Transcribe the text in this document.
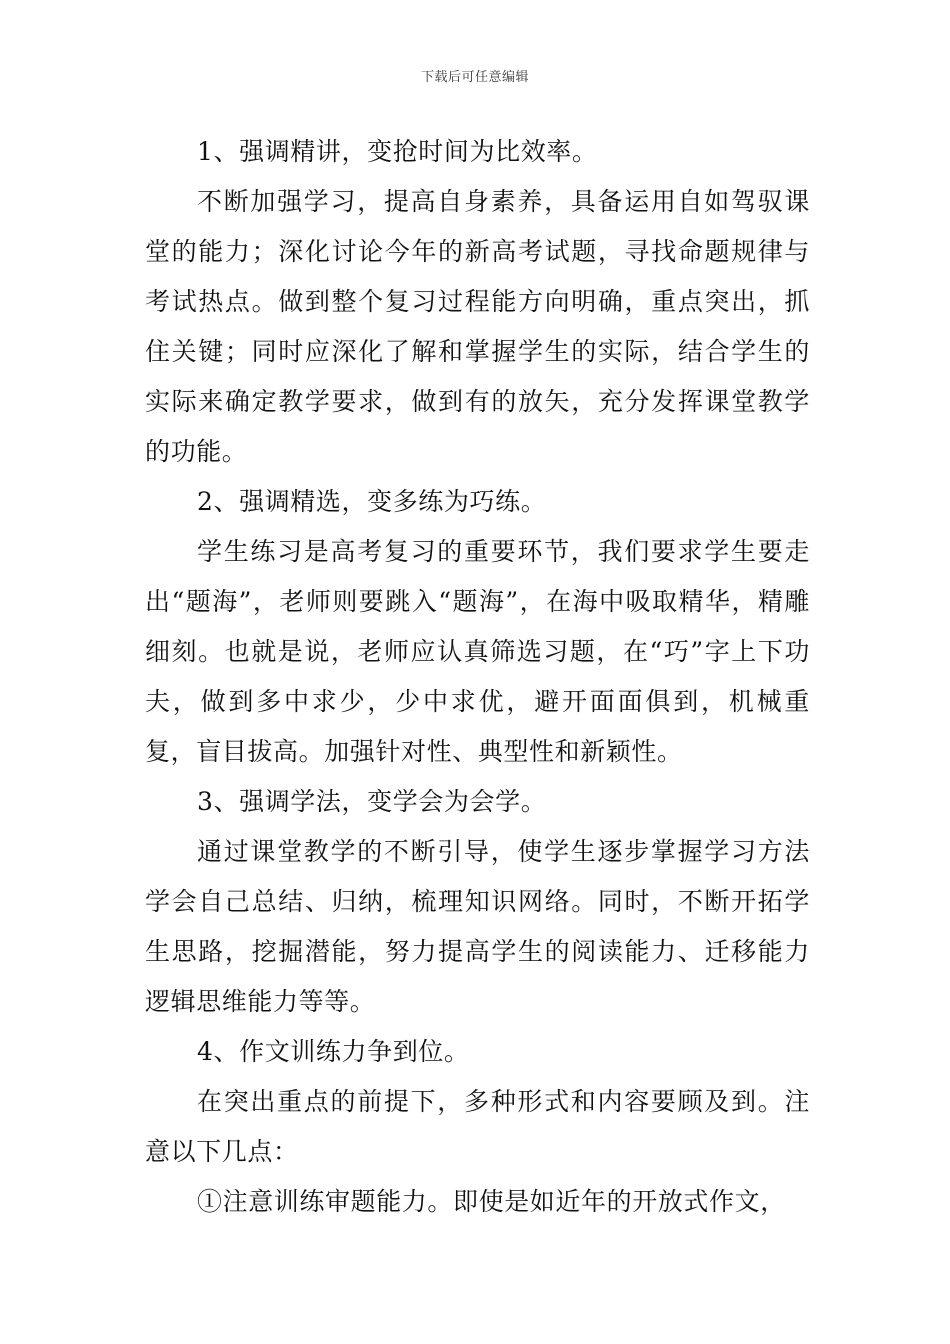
下载后可任意编辑

1、强调精讲，变抢时间为比效率。

不断加强学习，提高自身素养，具备运用自如驾驭课堂的能力；深化讨论今年的新高考试题，寻找命题规律与考试热点。做到整个复习过程能方向明确，重点突出，抓住关键；同时应深化了解和掌握学生的实际，结合学生的实际来确定教学要求，做到有的放矢，充分发挥课堂教学的功能。

2、强调精选，变多练为巧练。

学生练习是高考复习的重要环节，我们要求学生要走出“题海”，老师则要跳入“题海”，在海中吸取精华，精雕细刻。也就是说，老师应认真筛选习题，在“巧”字上下功夫，做到多中求少，少中求优，避开面面俱到，机械重复，盲目拔高。加强针对性、典型性和新颖性。

3、强调学法，变学会为会学。

通过课堂教学的不断引导，使学生逐步掌握学习方法学会自己总结、归纳，梳理知识网络。同时，不断开拓学生思路，挖掘潜能，努力提高学生的阅读能力、迁移能力逻辑思维能力等等。

4、作文训练力争到位。

在突出重点的前提下，多种形式和内容要顾及到。注意以下几点：

①注意训练审题能力。即使是如近年的开放式作文，
